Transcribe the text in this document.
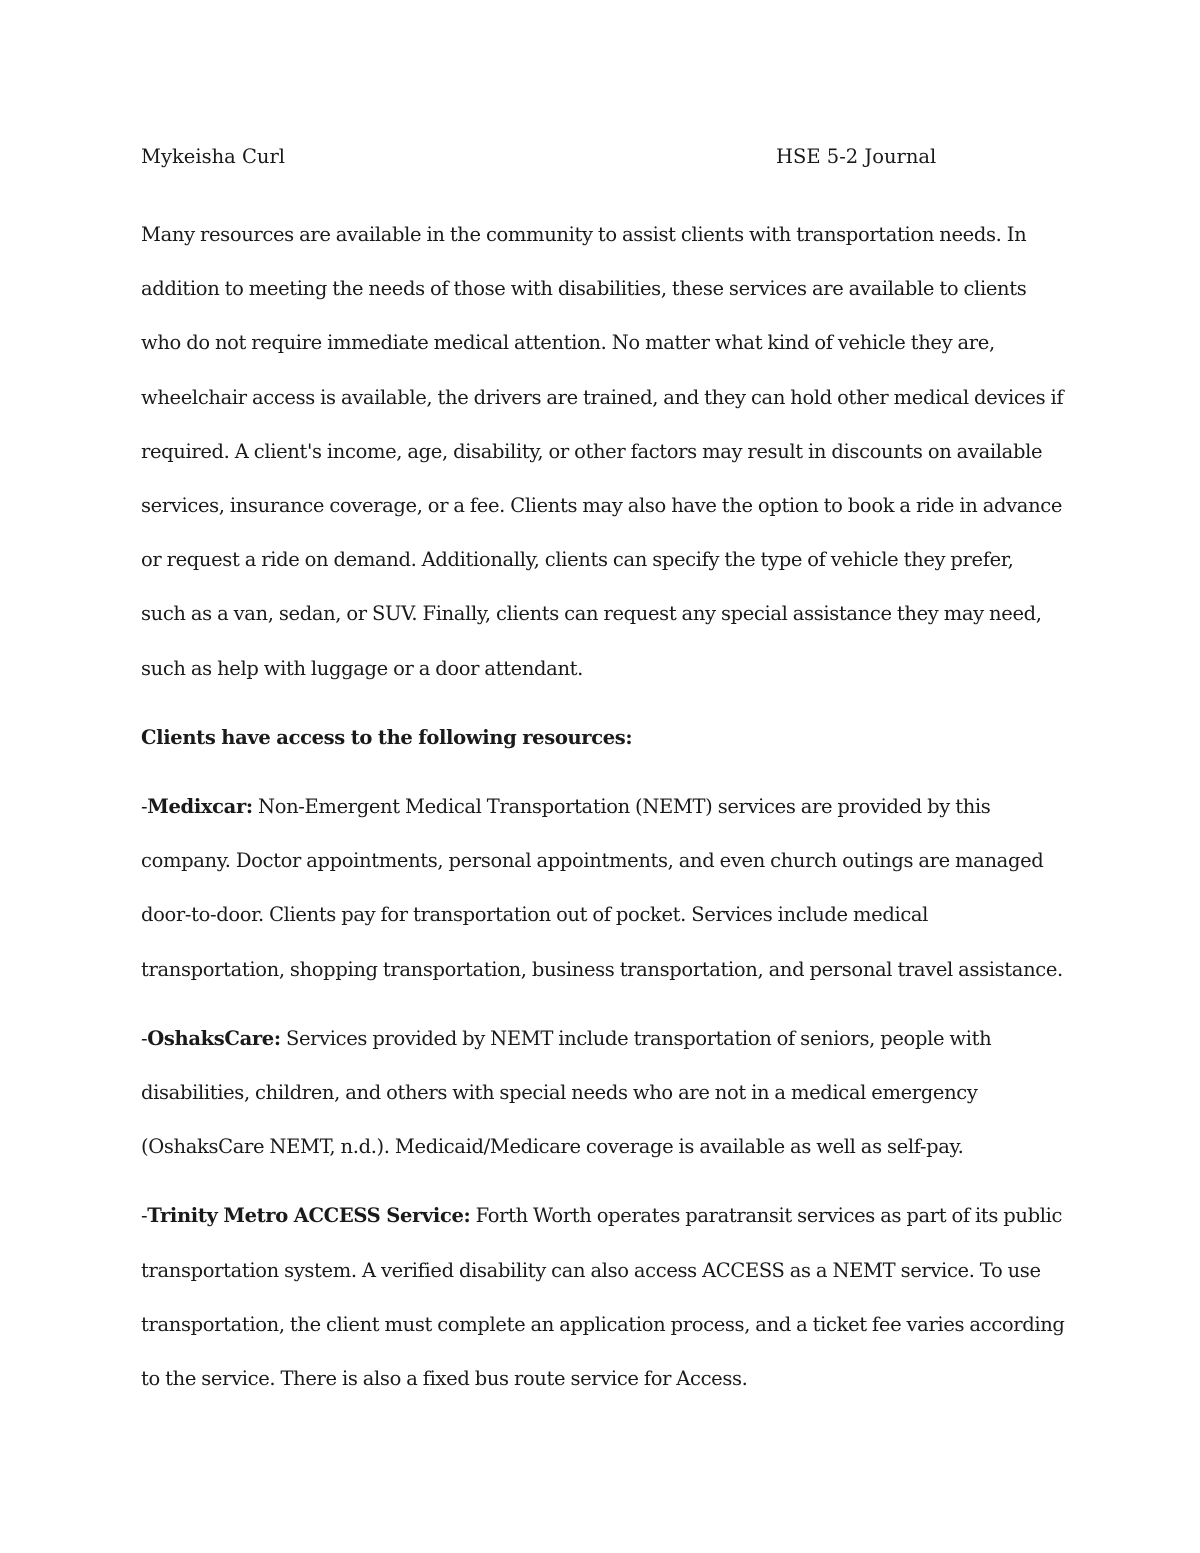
Mykeisha Curl	HSE 5-2 Journal

Many resources are available in the community to assist clients with transportation needs. In
addition to meeting the needs of those with disabilities, these services are available to clients
who do not require immediate medical attention. No matter what kind of vehicle they are,
wheelchair access is available, the drivers are trained, and they can hold other medical devices if
required. A client's income, age, disability, or other factors may result in discounts on available
services, insurance coverage, or a fee. Clients may also have the option to book a ride in advance
or request a ride on demand. Additionally, clients can specify the type of vehicle they prefer,
such as a van, sedan, or SUV. Finally, clients can request any special assistance they may need,
such as help with luggage or a door attendant.

Clients have access to the following resources:

-Medixcar: Non-Emergent Medical Transportation (NEMT) services are provided by this
company. Doctor appointments, personal appointments, and even church outings are managed
door-to-door. Clients pay for transportation out of pocket. Services include medical
transportation, shopping transportation, business transportation, and personal travel assistance.

-OshaksCare: Services provided by NEMT include transportation of seniors, people with
disabilities, children, and others with special needs who are not in a medical emergency
(OshaksCare NEMT, n.d.). Medicaid/Medicare coverage is available as well as self-pay.

-Trinity Metro ACCESS Service: Forth Worth operates paratransit services as part of its public
transportation system. A verified disability can also access ACCESS as a NEMT service. To use
transportation, the client must complete an application process, and a ticket fee varies according
to the service. There is also a fixed bus route service for Access.
